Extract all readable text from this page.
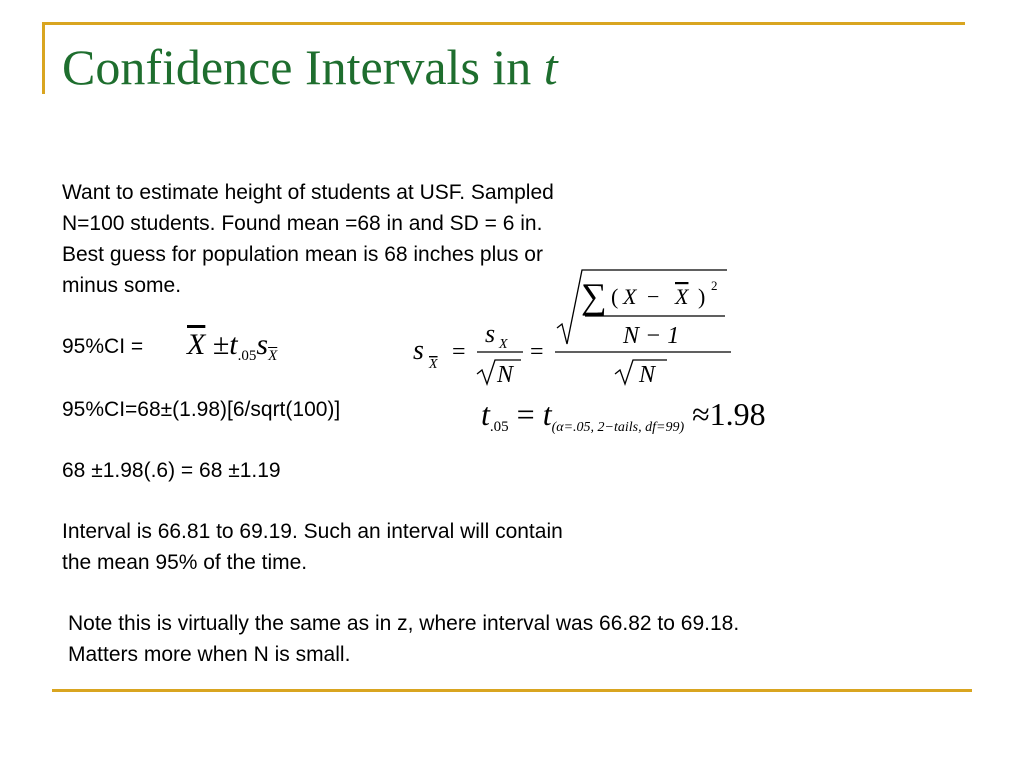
Confidence Intervals in t
Want to estimate height of students at USF. Sampled
N=100 students. Found mean =68 in and SD = 6 in.
Best guess for population mean is 68 inches plus or
minus some.
$95\%CI = \overline{X} \pm t_{.05}s_{\overline{X}}$	s X =
s X
N
=
∑ ( X − X ) 2
N − 1
N
95%CI=68±(1.98)[6/sqrt(100)]	$t_{.05} = t_{(\alpha=.05, 2-tails, df=99)} \approx 1.98$
68 ±1.98(.6) = 68 ±1.19
Interval is 66.81 to 69.19. Such an interval will contain
the mean 95% of the time.
Note this is virtually the same as in z, where interval was 66.82 to 69.18.
Matters more when N is small.
